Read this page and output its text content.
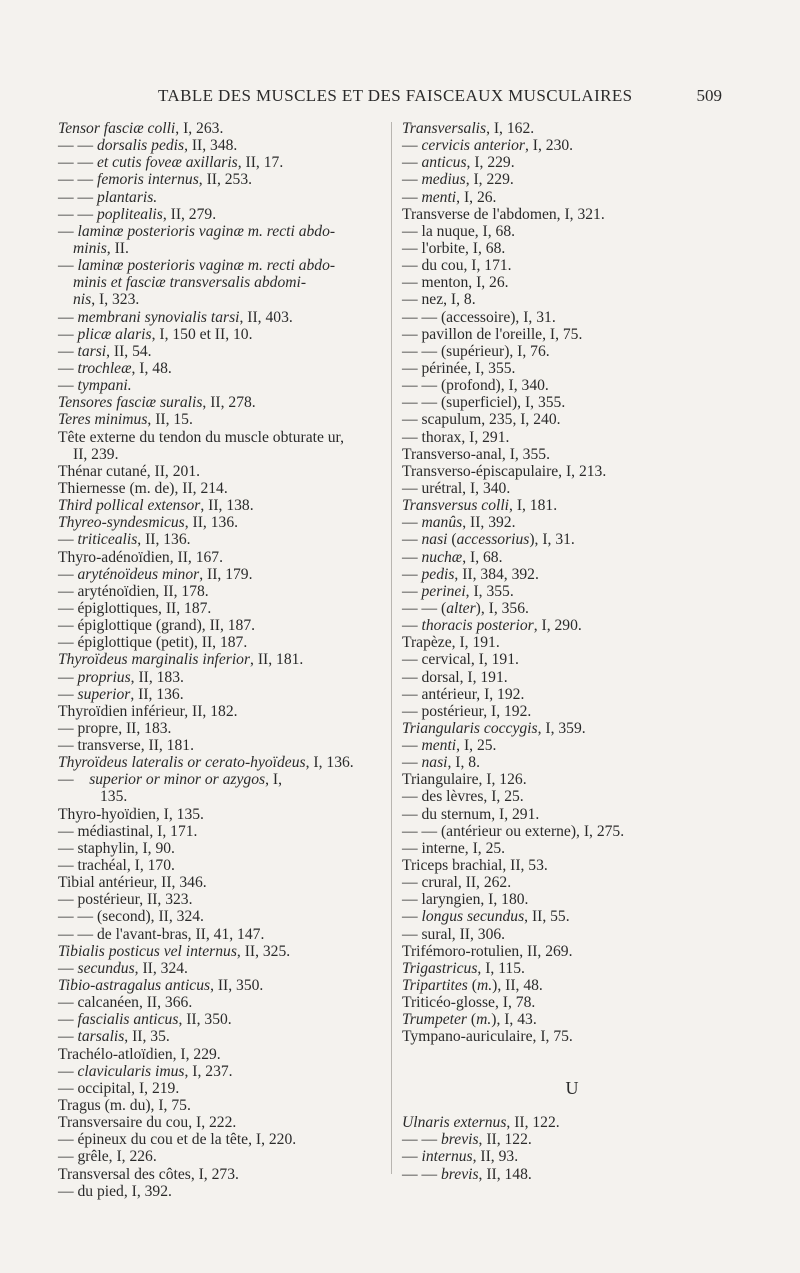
TABLE DES MUSCLES ET DES FAISCEAUX MUSCULAIRES	509
Tensor fasciæ colli, I, 263.
— — dorsalis pedis, II, 348.
— — et cutis foveæ axillaris, II, 17.
— — femoris internus, II, 253.
— — plantaris.
— — poplitealis, II, 279.
— laminæ posterioris vaginæ m. recti abdo-
minis, II.
— laminæ posterioris vaginæ m. recti abdo-
minis et fasciæ transversalis abdomi-
nis, I, 323.
— membrani synovialis tarsi, II, 403.
— plicæ alaris, I, 150 et II, 10.
— tarsi, II, 54.
— trochleæ, I, 48.
— tympani.
Tensores fasciæ suralis, II, 278.
Teres minimus, II, 15.
Tête externe du tendon du muscle obturate ur,
II, 239.
Thénar cutané, II, 201.
Thiernesse (m. de), II, 214.
Third pollical extensor, II, 138.
Thyreo-syndesmicus, II, 136.
— triticealis, II, 136.
Thyro-adénoïdien, II, 167.
— aryténoïdeus minor, II, 179.
— aryténoïdien, II, 178.
— épiglottiques, II, 187.
— épiglottique (grand), II, 187.
— épiglottique (petit), II, 187.
Thyroïdeus marginalis inferior, II, 181.
— proprius, II, 183.
— superior, II, 136.
Thyroïdien inférieur, II, 182.
— propre, II, 183.
— transverse, II, 181.
Thyroïdeus lateralis or cerato-hyoïdeus, I, 136.
—    superior or minor or azygos, I,
135.
Thyro-hyoïdien, I, 135.
— médiastinal, I, 171.
— staphylin, I, 90.
— trachéal, I, 170.
Tibial antérieur, II, 346.
— postérieur, II, 323.
— — (second), II, 324.
— — de l'avant-bras, II, 41, 147.
Tibialis posticus vel internus, II, 325.
— secundus, II, 324.
Tibio-astragalus anticus, II, 350.
— calcanéen, II, 366.
— fascialis anticus, II, 350.
— tarsalis, II, 35.
Trachélo-atloïdien, I, 229.
— clavicularis imus, I, 237.
— occipital, I, 219.
Tragus (m. du), I, 75.
Transversaire du cou, I, 222.
— épineux du cou et de la tête, I, 220.
— grêle, I, 226.
Transversal des côtes, I, 273.
— du pied, I, 392.
Transversalis, I, 162.
— cervicis anterior, I, 230.
— anticus, I, 229.
— medius, I, 229.
— menti, I, 26.
Transverse de l'abdomen, I, 321.
— la nuque, I, 68.
— l'orbite, I, 68.
— du cou, I, 171.
— menton, I, 26.
— nez, I, 8.
— — (accessoire), I, 31.
— pavillon de l'oreille, I, 75.
— — (supérieur), I, 76.
— périnée, I, 355.
— — (profond), I, 340.
— — (superficiel), I, 355.
— scapulum, 235, I, 240.
— thorax, I, 291.
Transverso-anal, I, 355.
Transverso-épiscapulaire, I, 213.
— urétral, I, 340.
Transversus colli, I, 181.
— manûs, II, 392.
— nasi (accessorius), I, 31.
— nuchæ, I, 68.
— pedis, II, 384, 392.
— perinei, I, 355.
— — (alter), I, 356.
— thoracis posterior, I, 290.
Trapèze, I, 191.
— cervical, I, 191.
— dorsal, I, 191.
— antérieur, I, 192.
— postérieur, I, 192.
Triangularis coccygis, I, 359.
— menti, I, 25.
— nasi, I, 8.
Triangulaire, I, 126.
— des lèvres, I, 25.
— du sternum, I, 291.
— — (antérieur ou externe), I, 275.
— interne, I, 25.
Triceps brachial, II, 53.
— crural, II, 262.
— laryngien, I, 180.
— longus secundus, II, 55.
— sural, II, 306.
Trifémoro-rotulien, II, 269.
Trigastricus, I, 115.
Tripartites (m.), II, 48.
Triticéo-glosse, I, 78.
Trumpeter (m.), I, 43.
Tympano-auriculaire, I, 75.
U
Ulnaris externus, II, 122.
— — brevis, II, 122.
— internus, II, 93.
— — brevis, II, 148.
